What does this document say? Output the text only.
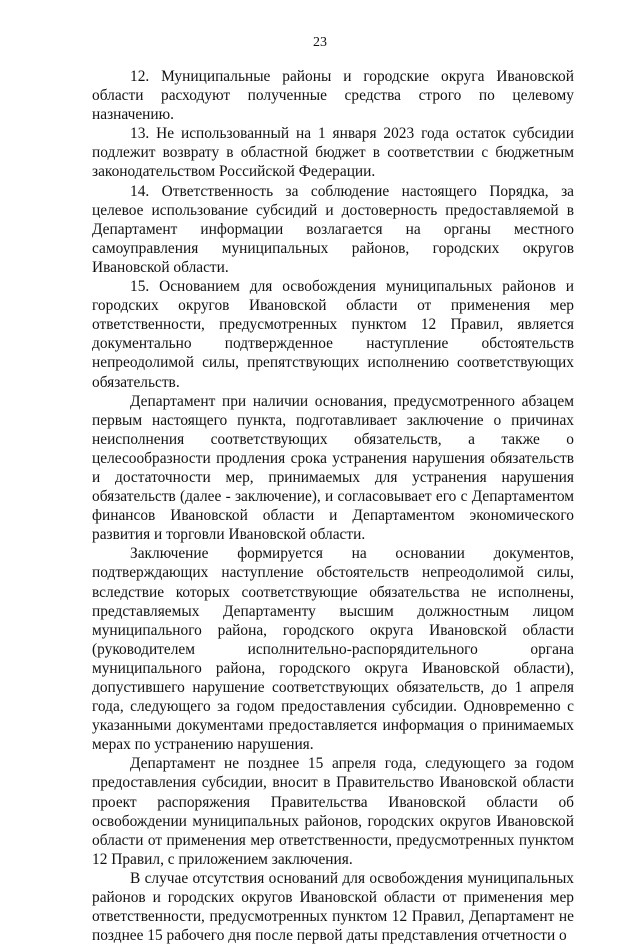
23

12. Муниципальные районы и городские округа Ивановской области расходуют полученные средства строго по целевому назначению.

13. Не использованный на 1 января 2023 года остаток субсидии подлежит возврату в областной бюджет в соответствии с бюджетным законодательством Российской Федерации.

14. Ответственность за соблюдение настоящего Порядка, за целевое использование субсидий и достоверность предоставляемой в Департамент информации возлагается на органы местного самоуправления муниципальных районов, городских округов Ивановской области.

15. Основанием для освобождения муниципальных районов и городских округов Ивановской области от применения мер ответственности, предусмотренных пунктом 12 Правил, является документально подтвержденное наступление обстоятельств непреодолимой силы, препятствующих исполнению соответствующих обязательств.

Департамент при наличии основания, предусмотренного абзацем первым настоящего пункта, подготавливает заключение о причинах неисполнения соответствующих обязательств, а также о целесообразности продления срока устранения нарушения обязательств и достаточности мер, принимаемых для устранения нарушения обязательств (далее - заключение), и согласовывает его с Департаментом финансов Ивановской области и Департаментом экономического развития и торговли Ивановской области.

Заключение формируется на основании документов, подтверждающих наступление обстоятельств непреодолимой силы, вследствие которых соответствующие обязательства не исполнены, представляемых Департаменту высшим должностным лицом муниципального района, городского округа Ивановской области (руководителем исполнительно-распорядительного органа муниципального района, городского округа Ивановской области), допустившего нарушение соответствующих обязательств, до 1 апреля года, следующего за годом предоставления субсидии. Одновременно с указанными документами предоставляется информация о принимаемых мерах по устранению нарушения.

Департамент не позднее 15 апреля года, следующего за годом предоставления субсидии, вносит в Правительство Ивановской области проект распоряжения Правительства Ивановской области об освобождении муниципальных районов, городских округов Ивановской области от применения мер ответственности, предусмотренных пунктом 12 Правил, с приложением заключения.

В случае отсутствия оснований для освобождения муниципальных районов и городских округов Ивановской области от применения мер ответственности, предусмотренных пунктом 12 Правил, Департамент не позднее 15 рабочего дня после первой даты представления отчетности о
